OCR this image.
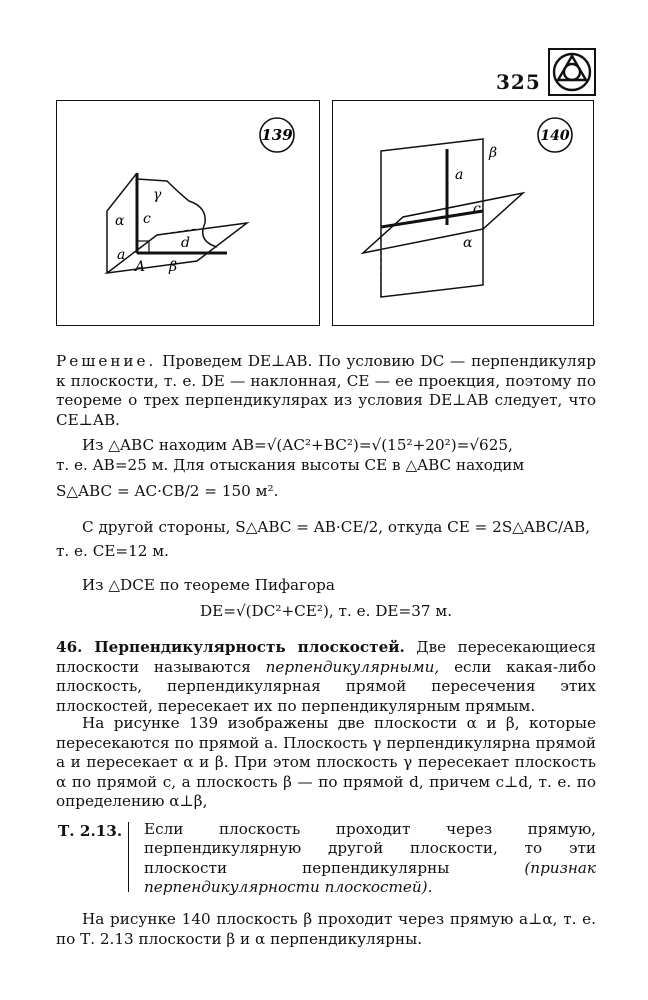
325
139
α
γ
c
a
A
d
β
140
a
β
c
α
Решение. Проведем DE⊥AB. По условию DC — перпендикуляр к плоскости, т. е. DE — наклонная, CE — ее проекция, поэтому по теореме о трех перпендикулярах из условия DE⊥AB следует, что CE⊥AB.
Из △ABC находим AB=√(AC²+BC²)=√(15²+20²)=√625,
т. е. AB=25 м. Для отыскания высоты CE в △ABC находим
S△ABC = AC·CB/2 = 150 м².
С другой стороны, S△ABC = AB·CE/2, откуда CE = 2S△ABC/AB,
т. е. CE=12 м.
Из △DCE по теореме Пифагора
DE=√(DC²+CE²), т. е. DE=37 м.
46. Перпендикулярность плоскостей. Две пересекающиеся плоскости называются перпендикулярными, если какая-либо плоскость, перпендикулярная прямой пересечения этих плоскостей, пересекает их по перпендикулярным прямым.
На рисунке 139 изображены две плоскости α и β, которые пересекаются по прямой a. Плоскость γ перпендикулярна прямой a и пересекает α и β. При этом плоскость γ пересекает плоскость α по прямой c, а плоскость β — по прямой d, причем c⊥d, т. е. по определению α⊥β,
Т. 2.13. Если плоскость проходит через прямую, перпендикулярную другой плоскости, то эти плоскости перпендикулярны	(признак перпендикулярности плоскостей).
На рисунке 140 плоскость β проходит через прямую a⊥α, т. е. по Т. 2.13 плоскости β и α перпендикулярны.
